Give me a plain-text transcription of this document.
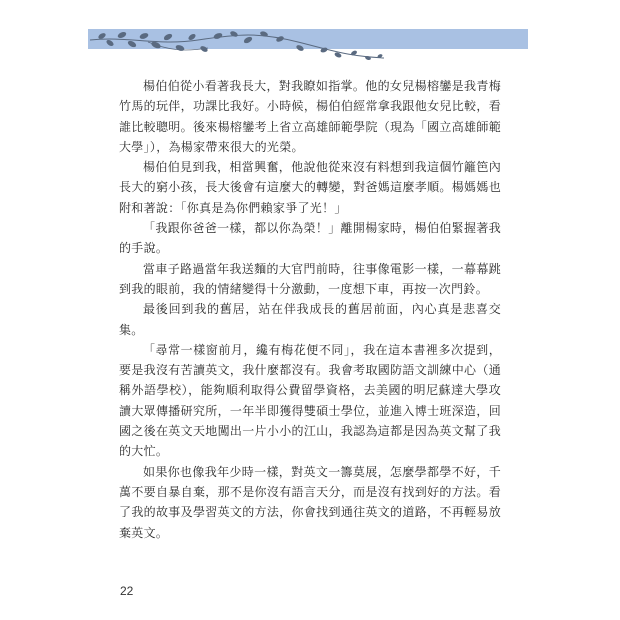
楊伯伯從小看著我長大，對我瞭如指掌。他的女兒楊榕鑾是我青梅竹馬的玩伴，功課比我好。小時候，楊伯伯經常拿我跟他女兒比較，看誰比較聰明。後來楊榕鑾考上省立高雄師範學院（現為「國立高雄師範大學」），為楊家帶來很大的光榮。

楊伯伯見到我，相當興奮，他說他從來沒有料想到我這個竹籬笆內長大的窮小孩，長大後會有這麼大的轉變，對爸媽這麼孝順。楊媽媽也附和著說：「你真是為你們賴家爭了光！」

「我跟你爸爸一樣，都以你為榮！」離開楊家時，楊伯伯緊握著我的手說。

當車子路過當年我送麵的大官門前時，往事像電影一樣，一幕幕跳到我的眼前，我的情緒變得十分激動，一度想下車，再按一次門鈴。

最後回到我的舊居，站在伴我成長的舊居前面，內心真是悲喜交集。

「尋常一樣窗前月，纔有梅花便不同」，我在這本書裡多次提到，要是我沒有苦讀英文，我什麼都沒有。我會考取國防語文訓練中心（通稱外語學校），能夠順利取得公費留學資格，去美國的明尼蘇達大學攻讀大眾傳播研究所，一年半即獲得雙碩士學位，並進入博士班深造，回國之後在英文天地闖出一片小小的江山，我認為這都是因為英文幫了我的大忙。

如果你也像我年少時一樣，對英文一籌莫展，怎麼學都學不好，千萬不要自暴自棄，那不是你沒有語言天分，而是沒有找到好的方法。看了我的故事及學習英文的方法，你會找到通往英文的道路，不再輕易放棄英文。

22
